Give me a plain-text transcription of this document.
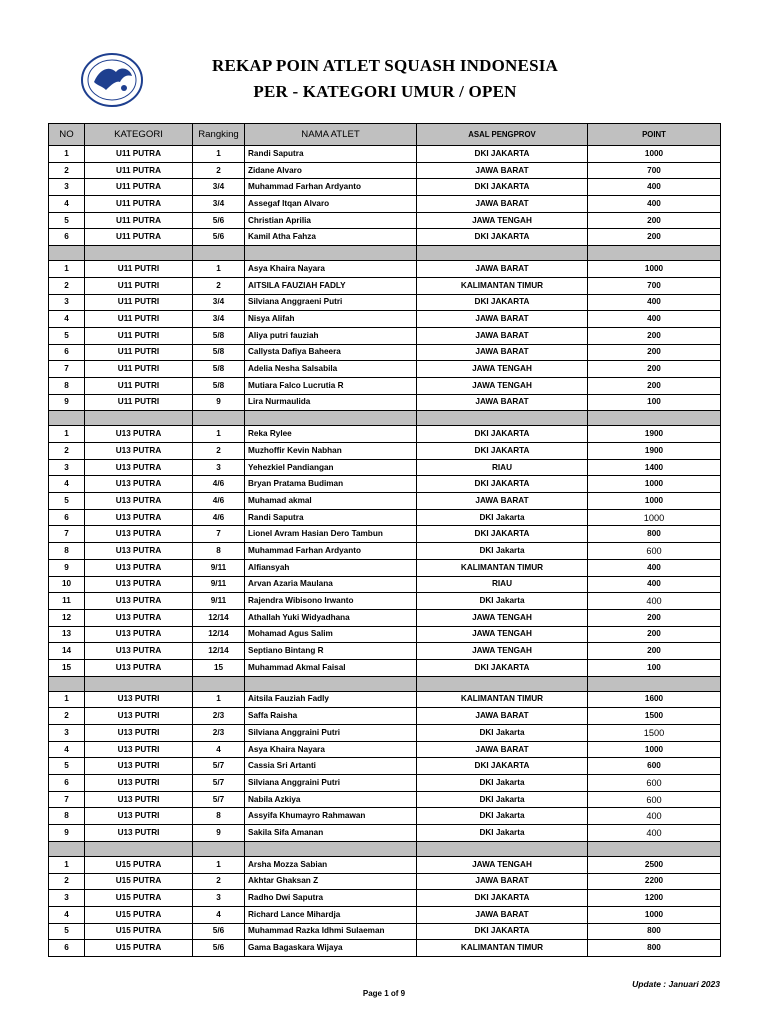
REKAP POIN ATLET SQUASH INDONESIA
PER - KATEGORI UMUR / OPEN
NO	KATEGORI	Rangking	NAMA ATLET	ASAL PENGPROV	POINT
1	U11 PUTRA	1	Randi Saputra	DKI JAKARTA	1000
2	U11 PUTRA	2	Zidane Alvaro	JAWA BARAT	700
3	U11 PUTRA	3/4	Muhammad Farhan Ardyanto	DKI JAKARTA	400
4	U11 PUTRA	3/4	Assegaf Itqan Alvaro	JAWA BARAT	400
5	U11 PUTRA	5/6	Christian Aprilia	JAWA TENGAH	200
6	U11 PUTRA	5/6	Kamil Atha Fahza	DKI JAKARTA	200

1	U11 PUTRI	1	Asya Khaira Nayara	JAWA BARAT	1000
2	U11 PUTRI	2	AITSILA FAUZIAH FADLY	KALIMANTAN TIMUR	700
3	U11 PUTRI	3/4	Silviana Anggraeni Putri	DKI JAKARTA	400
4	U11 PUTRI	3/4	Nisya Alifah	JAWA BARAT	400
5	U11 PUTRI	5/8	Aliya putri fauziah	JAWA BARAT	200
6	U11 PUTRI	5/8	Callysta Dafiya Baheera	JAWA BARAT	200
7	U11 PUTRI	5/8	Adelia Nesha Salsabila	JAWA TENGAH	200
8	U11 PUTRI	5/8	Mutiara Falco Lucrutia R	JAWA TENGAH	200
9	U11 PUTRI	9	Lira Nurmaulida	JAWA BARAT	100

1	U13 PUTRA	1	Reka Rylee	DKI JAKARTA	1900
2	U13 PUTRA	2	Muzhoffir Kevin Nabhan	DKI JAKARTA	1900
3	U13 PUTRA	3	Yehezkiel Pandiangan	RIAU	1400
4	U13 PUTRA	4/6	Bryan Pratama Budiman	DKI JAKARTA	1000
5	U13 PUTRA	4/6	Muhamad akmal	JAWA BARAT	1000
6	U13 PUTRA	4/6	Randi Saputra	DKI Jakarta	1000
7	U13 PUTRA	7	Lionel Avram Hasian Dero Tambun	DKI JAKARTA	800
8	U13 PUTRA	8	Muhammad Farhan Ardyanto	DKI Jakarta	600
9	U13 PUTRA	9/11	Alfiansyah	KALIMANTAN TIMUR	400
10	U13 PUTRA	9/11	Arvan Azaria Maulana	RIAU	400
11	U13 PUTRA	9/11	Rajendra Wibisono Irwanto	DKI Jakarta	400
12	U13 PUTRA	12/14	Athallah Yuki Widyadhana	JAWA TENGAH	200
13	U13 PUTRA	12/14	Mohamad Agus Salim	JAWA TENGAH	200
14	U13 PUTRA	12/14	Septiano Bintang R	JAWA TENGAH	200
15	U13 PUTRA	15	Muhammad Akmal Faisal	DKI JAKARTA	100

1	U13 PUTRI	1	Aitsila Fauziah Fadly	KALIMANTAN TIMUR	1600
2	U13 PUTRI	2/3	Saffa Raisha	JAWA BARAT	1500
3	U13 PUTRI	2/3	Silviana Anggraini Putri	DKI Jakarta	1500
4	U13 PUTRI	4	Asya Khaira Nayara	JAWA BARAT	1000
5	U13 PUTRI	5/7	Cassia Sri Artanti	DKI JAKARTA	600
6	U13 PUTRI	5/7	Silviana Anggraini Putri	DKI Jakarta	600
7	U13 PUTRI	5/7	Nabila Azkiya	DKI Jakarta	600
8	U13 PUTRI	8	Assyifa Khumayro Rahmawan	DKI Jakarta	400
9	U13 PUTRI	9	Sakila Sifa Amanan	DKI Jakarta	400

1	U15 PUTRA	1	Arsha Mozza Sabian	JAWA TENGAH	2500
2	U15 PUTRA	2	Akhtar Ghaksan Z	JAWA BARAT	2200
3	U15 PUTRA	3	Radho Dwi Saputra	DKI JAKARTA	1200
4	U15 PUTRA	4	Richard Lance Mihardja	JAWA BARAT	1000
5	U15 PUTRA	5/6	Muhammad Razka Idhmi Sulaeman	DKI JAKARTA	800
6	U15 PUTRA	5/6	Gama Bagaskara Wijaya	KALIMANTAN TIMUR	800
Update : Januari 2023
Page 1 of 9
